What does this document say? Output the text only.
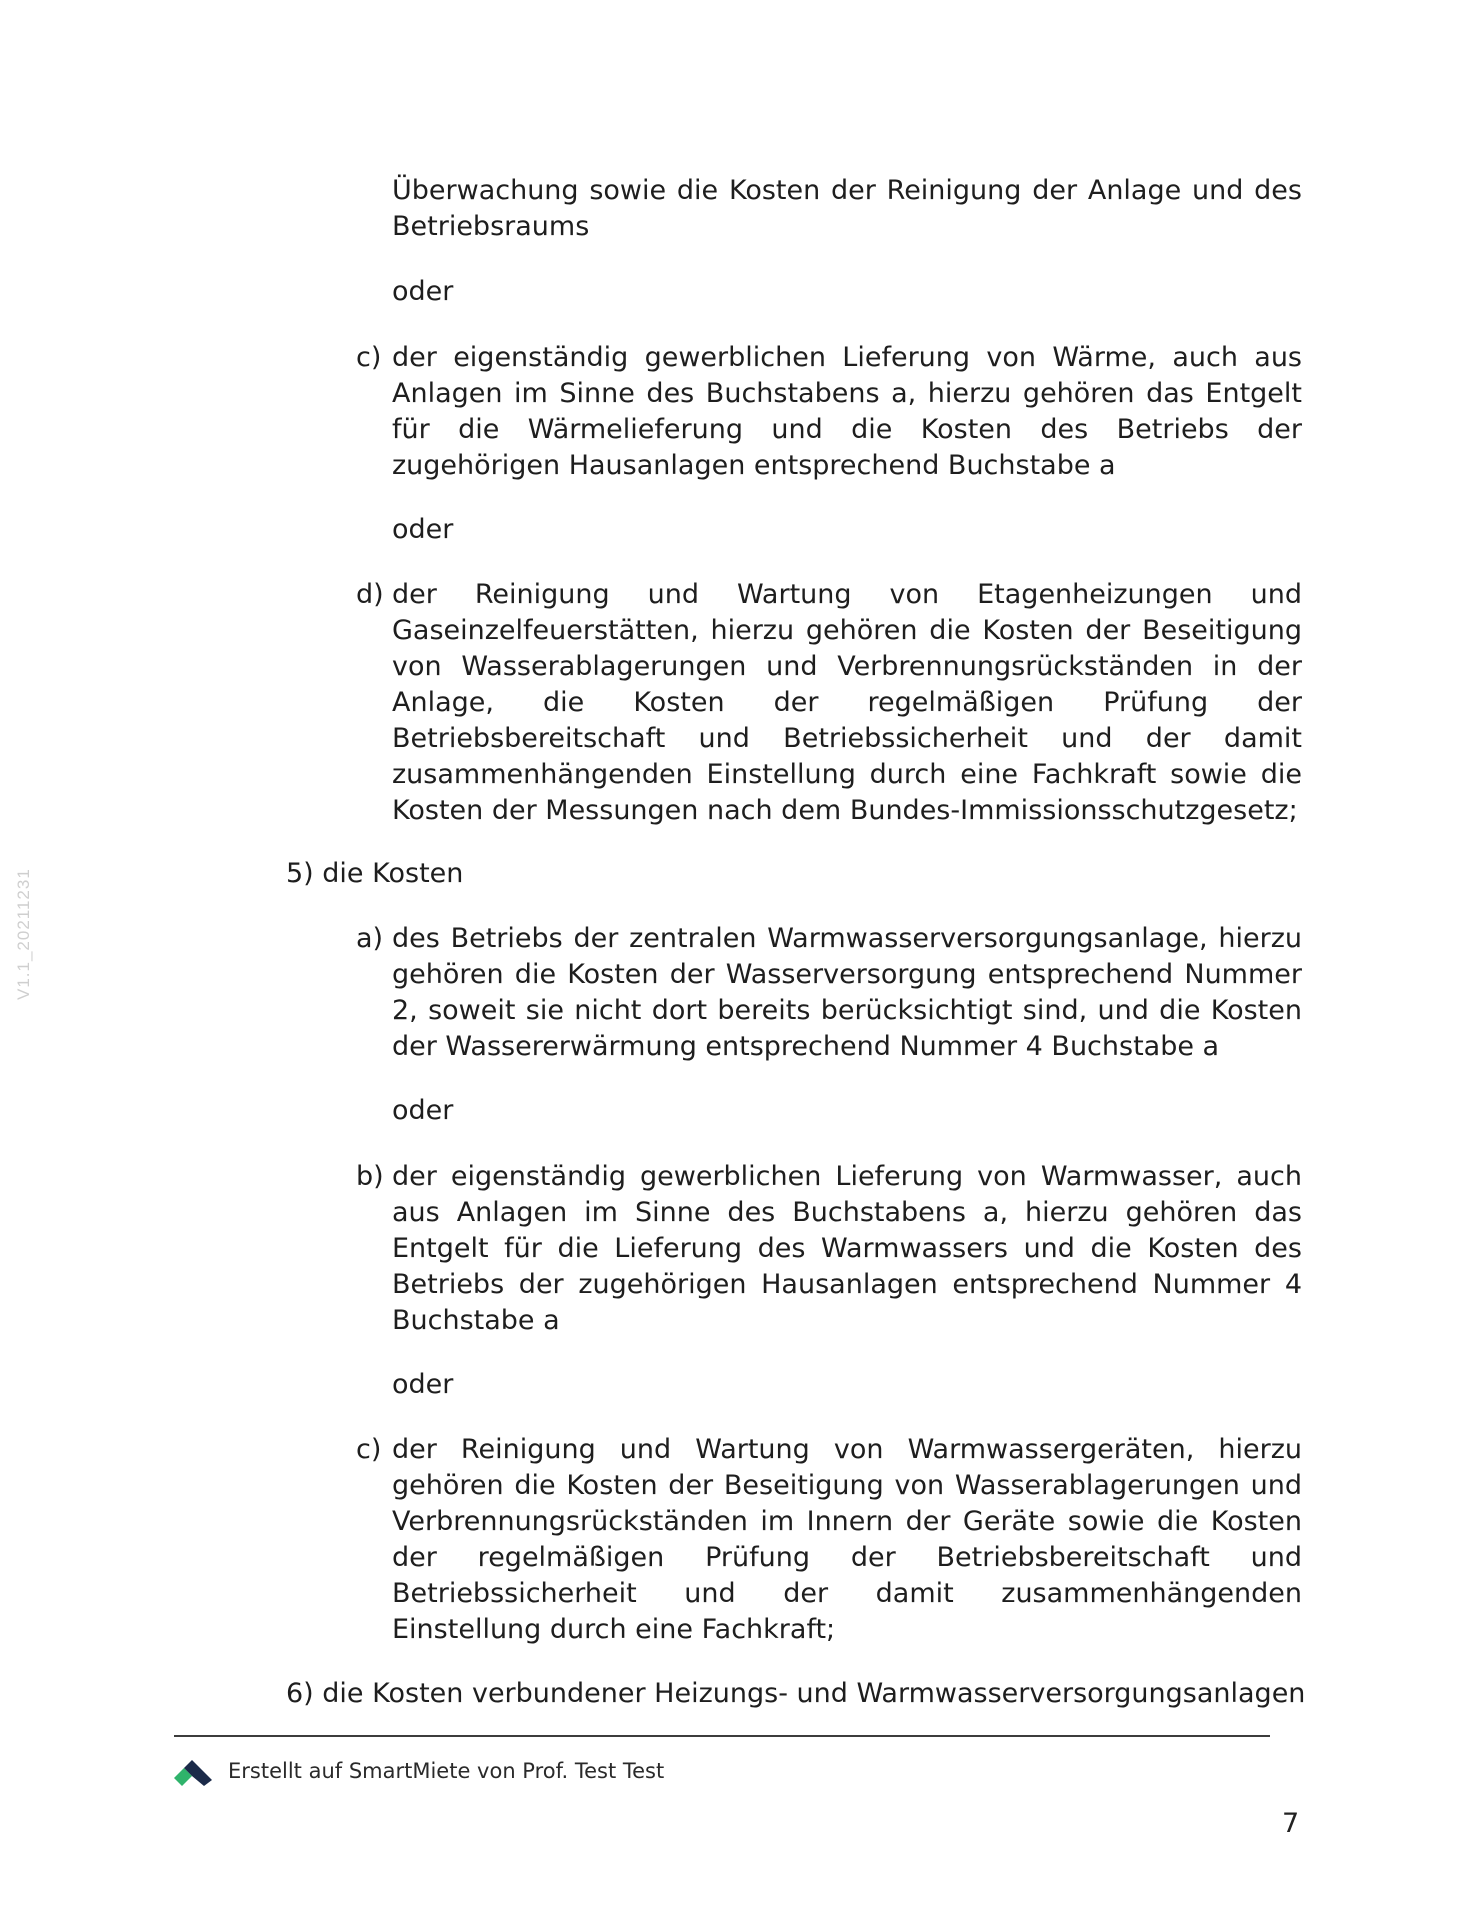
V1.1_20211231
Überwachung sowie die Kosten der Reinigung der Anlage und des Betriebsraums
oder
c) der eigenständig gewerblichen Lieferung von Wärme, auch aus Anlagen im Sinne des Buchstabens a, hierzu gehören das Entgelt für die Wärmelieferung und die Kosten des Betriebs der zugehörigen Hausanlagen entsprechend Buchstabe a
oder
d) der Reinigung und Wartung von Etagenheizungen und Gaseinzelfeuerstätten, hierzu gehören die Kosten der Beseitigung von Wasserablagerungen und Verbrennungsrückständen in der Anlage, die Kosten der regelmäßigen Prüfung der Betriebsbereitschaft und Betriebssicherheit und der damit zusammenhängenden Einstellung durch eine Fachkraft sowie die Kosten der Messungen nach dem Bundes-Immissionsschutzgesetz;
5) die Kosten
a) des Betriebs der zentralen Warmwasserversorgungsanlage, hierzu gehören die Kosten der Wasserversorgung entsprechend Nummer 2, soweit sie nicht dort bereits berücksichtigt sind, und die Kosten der Wassererwärmung entsprechend Nummer 4 Buchstabe a
oder
b) der eigenständig gewerblichen Lieferung von Warmwasser, auch aus Anlagen im Sinne des Buchstabens a, hierzu gehören das Entgelt für die Lieferung des Warmwassers und die Kosten des Betriebs der zugehörigen Hausanlagen entsprechend Nummer 4 Buchstabe a
oder
c) der Reinigung und Wartung von Warmwassergeräten, hierzu gehören die Kosten der Beseitigung von Wasserablagerungen und Verbrennungsrückständen im Innern der Geräte sowie die Kosten der regelmäßigen Prüfung der Betriebsbereitschaft und Betriebssicherheit und der damit zusammenhängenden Einstellung durch eine Fachkraft;
6) die Kosten verbundener Heizungs- und Warmwasserversorgungsanlagen
Erstellt auf SmartMiete von Prof. Test Test
7
